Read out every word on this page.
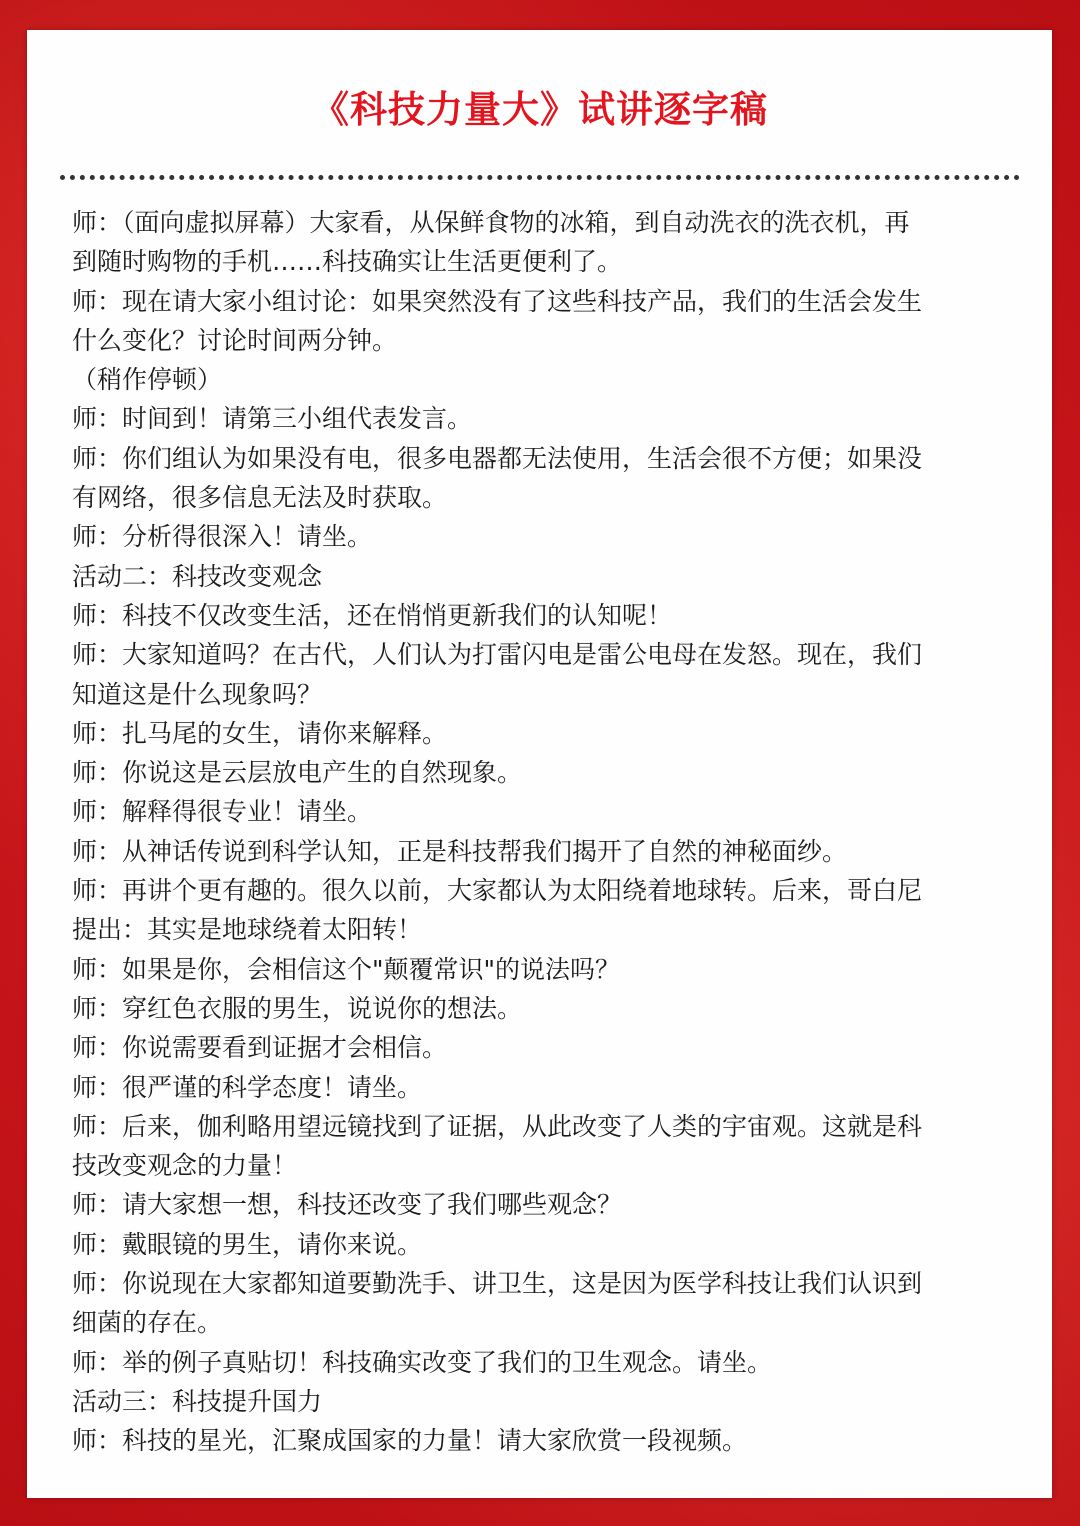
《科技力量大》试讲逐字稿

师：（面向虚拟屏幕）大家看，从保鲜食物的冰箱，到自动洗衣的洗衣机，再

到随时购物的手机……科技确实让生活更便利了。

师：现在请大家小组讨论：如果突然没有了这些科技产品，我们的生活会发生

什么变化？讨论时间两分钟。

（稍作停顿）

师：时间到！请第三小组代表发言。

师：你们组认为如果没有电，很多电器都无法使用，生活会很不方便；如果没

有网络，很多信息无法及时获取。

师：分析得很深入！请坐。

活动二：科技改变观念

师：科技不仅改变生活，还在悄悄更新我们的认知呢！

师：大家知道吗？在古代，人们认为打雷闪电是雷公电母在发怒。现在，我们

知道这是什么现象吗？

师：扎马尾的女生，请你来解释。

师：你说这是云层放电产生的自然现象。

师：解释得很专业！请坐。

师：从神话传说到科学认知，正是科技帮我们揭开了自然的神秘面纱。

师：再讲个更有趣的。很久以前，大家都认为太阳绕着地球转。后来，哥白尼

提出：其实是地球绕着太阳转！

师：如果是你，会相信这个"颠覆常识"的说法吗？

师：穿红色衣服的男生，说说你的想法。

师：你说需要看到证据才会相信。

师：很严谨的科学态度！请坐。

师：后来，伽利略用望远镜找到了证据，从此改变了人类的宇宙观。这就是科

技改变观念的力量！

师：请大家想一想，科技还改变了我们哪些观念？

师：戴眼镜的男生，请你来说。

师：你说现在大家都知道要勤洗手、讲卫生，这是因为医学科技让我们认识到

细菌的存在。

师：举的例子真贴切！科技确实改变了我们的卫生观念。请坐。

活动三：科技提升国力

师：科技的星光，汇聚成国家的力量！请大家欣赏一段视频。
